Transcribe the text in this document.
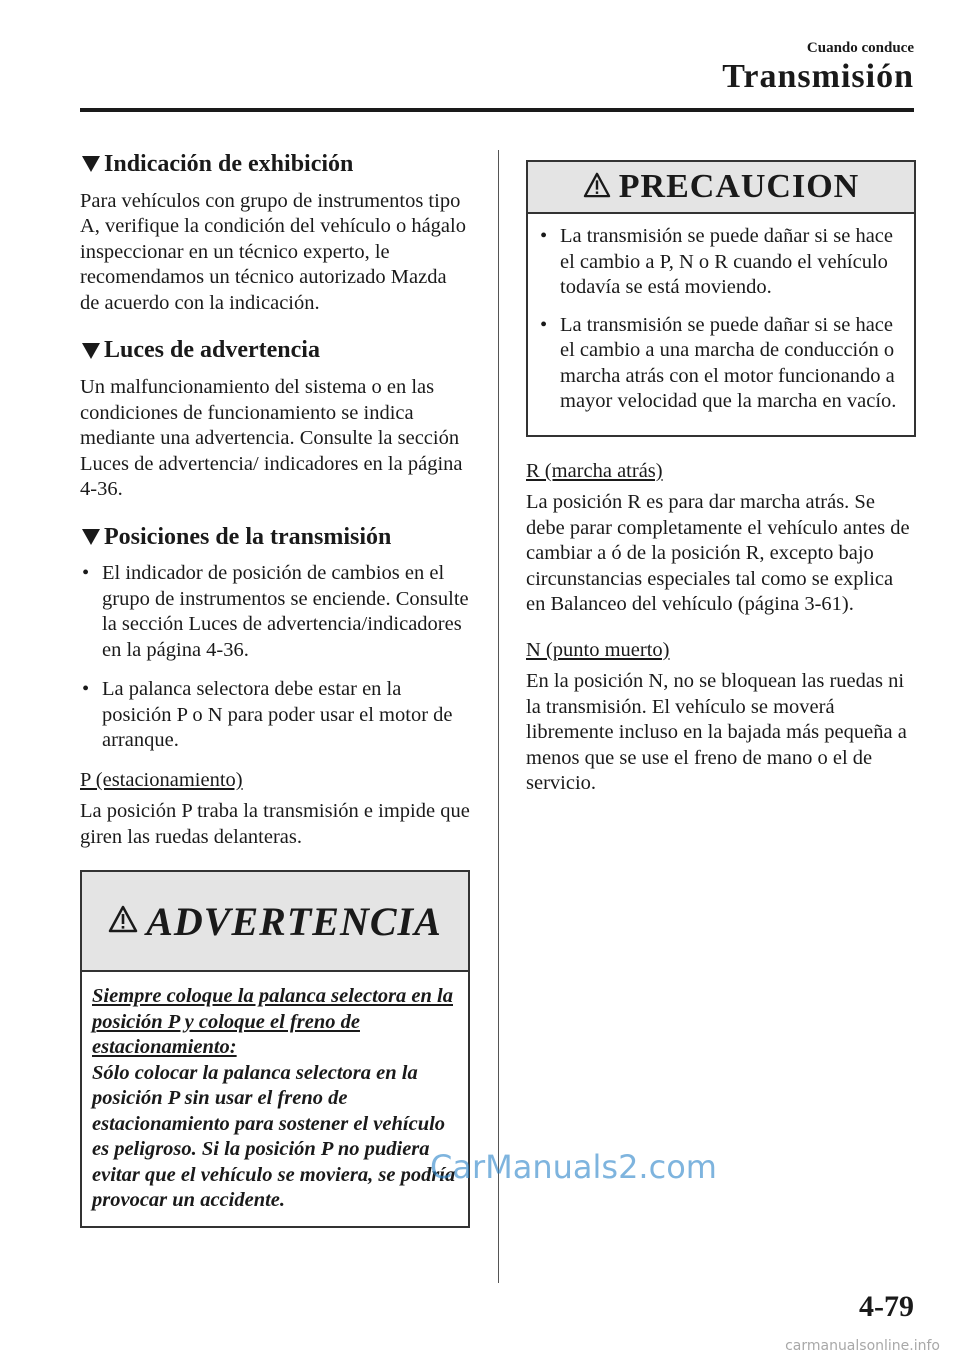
Cuando conduce
Transmisión
Indicación de exhibición

Para vehículos con grupo de instrumentos tipo A, verifique la condición del vehículo o hágalo inspeccionar en un técnico experto, le recomendamos un técnico autorizado Mazda de acuerdo con la indicación.

Luces de advertencia

Un malfuncionamiento del sistema o en las condiciones de funcionamiento se indica mediante una advertencia. Consulte la sección Luces de advertencia/ indicadores en la página 4-36.

Posiciones de la transmisión
• El indicador de posición de cambios en el grupo de instrumentos se enciende. Consulte la sección Luces de advertencia/indicadores en la página 4-36.
• La palanca selectora debe estar en la posición P o N para poder usar el motor de arranque.
P (estacionamiento)

La posición P traba la transmisión e impide que giren las ruedas delanteras.

ADVERTENCIA
Siempre coloque la palanca selectora en la posición P y coloque el freno de estacionamiento:
Sólo colocar la palanca selectora en la posición P sin usar el freno de estacionamiento para sostener el vehículo es peligroso. Si la posición P no pudiera evitar que el vehículo se moviera, se podría provocar un accidente.
PRECAUCION
• La transmisión se puede dañar si se hace el cambio a P, N o R cuando el vehículo todavía se está moviendo.
• La transmisión se puede dañar si se hace el cambio a una marcha de conducción o marcha atrás con el motor funcionando a mayor velocidad que la marcha en vacío.
R (marcha atrás)

La posición R es para dar marcha atrás. Se debe parar completamente el vehículo antes de cambiar a ó de la posición R, excepto bajo circunstancias especiales tal como se explica en Balanceo del vehículo (página 3-61).

N (punto muerto)

En la posición N, no se bloquean las ruedas ni la transmisión. El vehículo se moverá libremente incluso en la bajada más pequeña a menos que se use el freno de mano o el de servicio.

CarManuals2.com
4-79
carmanualsonline.info
